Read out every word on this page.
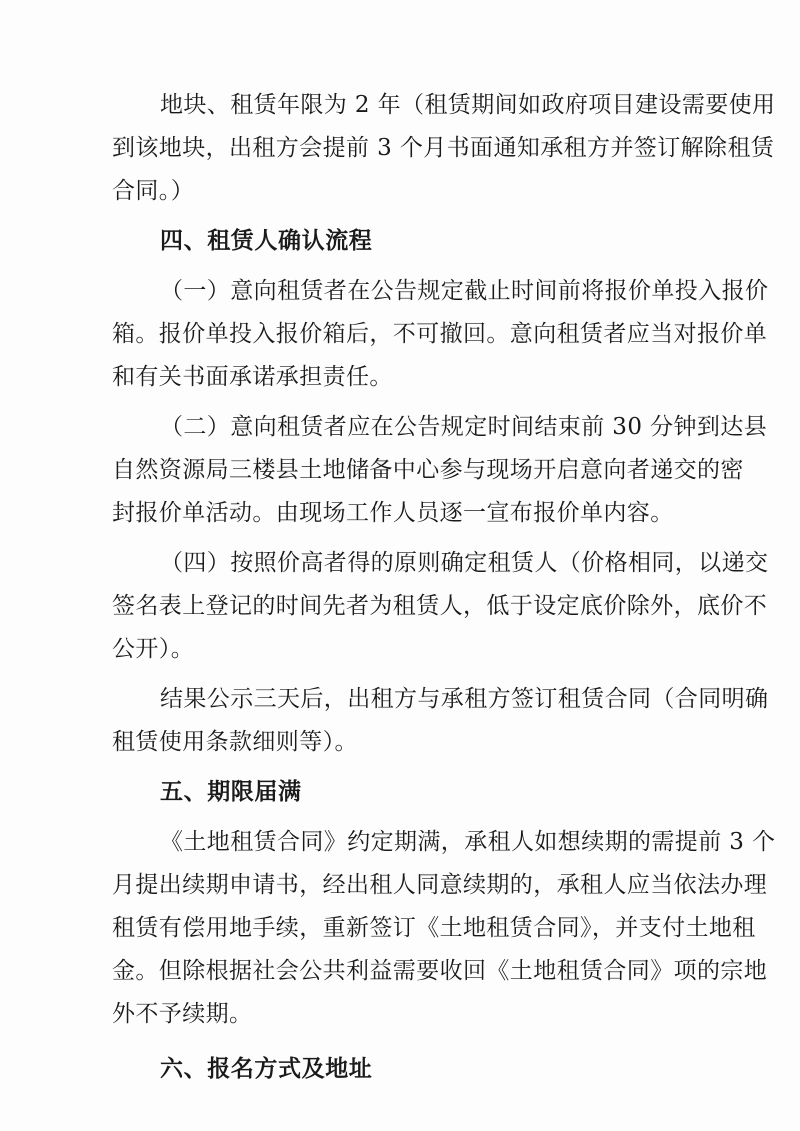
地块、租赁年限为 2 年（租赁期间如政府项目建设需要使用
到该地块，出租方会提前 3 个月书面通知承租方并签订解除租赁
合同。）
四、租赁人确认流程
（一）意向租赁者在公告规定截止时间前将报价单投入报价
箱。报价单投入报价箱后，不可撤回。意向租赁者应当对报价单
和有关书面承诺承担责任。
（二）意向租赁者应在公告规定时间结束前 30 分钟到达县
自然资源局三楼县土地储备中心参与现场开启意向者递交的密
封报价单活动。由现场工作人员逐一宣布报价单内容。
（四）按照价高者得的原则确定租赁人（价格相同，以递交
签名表上登记的时间先者为租赁人，低于设定底价除外，底价不
公开）。
结果公示三天后，出租方与承租方签订租赁合同（合同明确
租赁使用条款细则等）。
五、期限届满
《土地租赁合同》约定期满，承租人如想续期的需提前 3 个
月提出续期申请书，经出租人同意续期的，承租人应当依法办理
租赁有偿用地手续，重新签订《土地租赁合同》，并支付土地租
金。但除根据社会公共利益需要收回《土地租赁合同》项的宗地
外不予续期。
六、报名方式及地址
